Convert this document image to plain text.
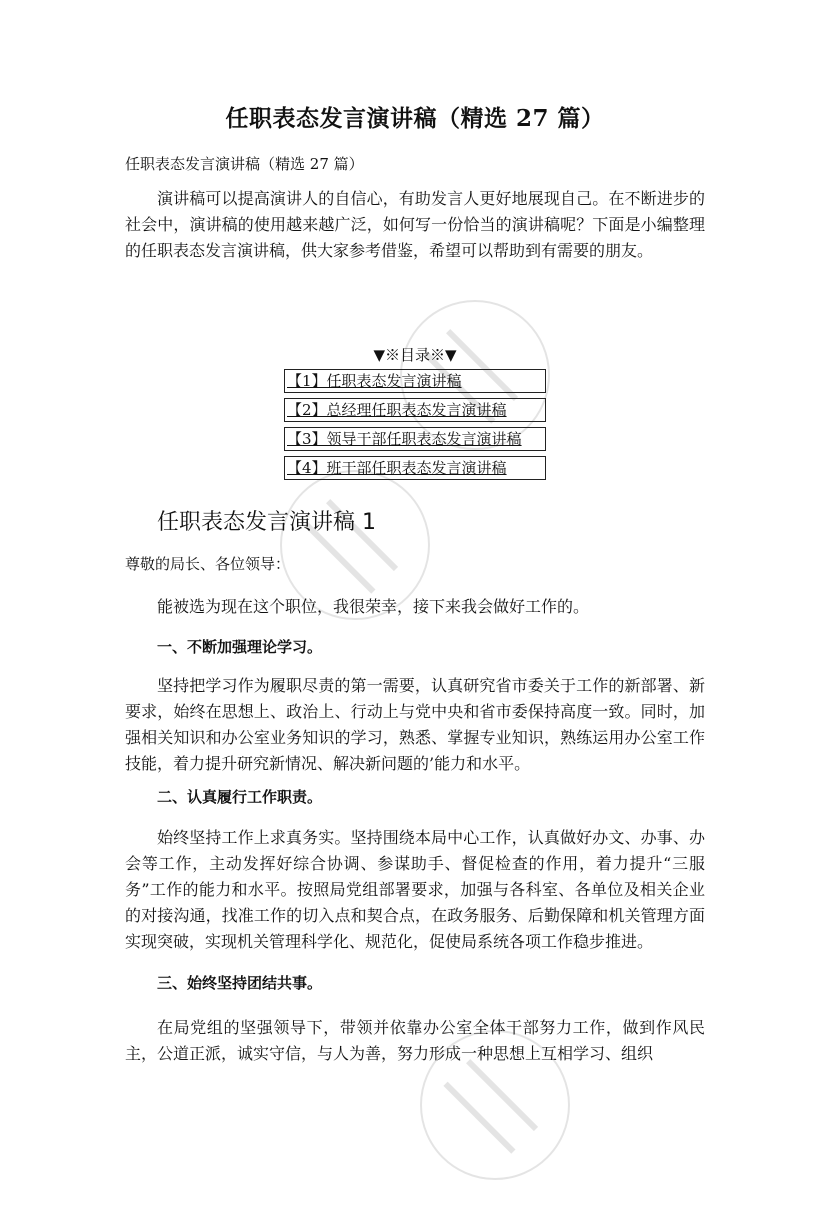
任职表态发言演讲稿（精选 27 篇）
任职表态发言演讲稿（精选 27 篇）

演讲稿可以提高演讲人的自信心，有助发言人更好地展现自己。在不断进步的社会中，演讲稿的使用越来越广泛，如何写一份恰当的演讲稿呢？下面是小编整理的任职表态发言演讲稿，供大家参考借鉴，希望可以帮助到有需要的朋友。

▼※目录※▼
【1】任职表态发言演讲稿
【2】总经理任职表态发言演讲稿
【3】领导干部任职表态发言演讲稿
【4】班干部任职表态发言演讲稿
任职表态发言演讲稿 1
尊敬的局长、各位领导：

能被选为现在这个职位，我很荣幸，接下来我会做好工作的。

一、不断加强理论学习。

坚持把学习作为履职尽责的第一需要，认真研究省市委关于工作的新部署、新要求，始终在思想上、政治上、行动上与党中央和省市委保持高度一致。同时，加强相关知识和办公室业务知识的学习，熟悉、掌握专业知识，熟练运用办公室工作技能，着力提升研究新情况、解决新问题的’能力和水平。

二、认真履行工作职责。

始终坚持工作上求真务实。坚持围绕本局中心工作，认真做好办文、办事、办会等工作，主动发挥好综合协调、参谋助手、督促检查的作用，着力提升“三服务”工作的能力和水平。按照局党组部署要求，加强与各科室、各单位及相关企业的对接沟通，找准工作的切入点和契合点，在政务服务、后勤保障和机关管理方面实现突破，实现机关管理科学化、规范化，促使局系统各项工作稳步推进。

三、始终坚持团结共事。

在局党组的坚强领导下，带领并依靠办公室全体干部努力工作，做到作风民主，公道正派，诚实守信，与人为善，努力形成一种思想上互相学习、组织
